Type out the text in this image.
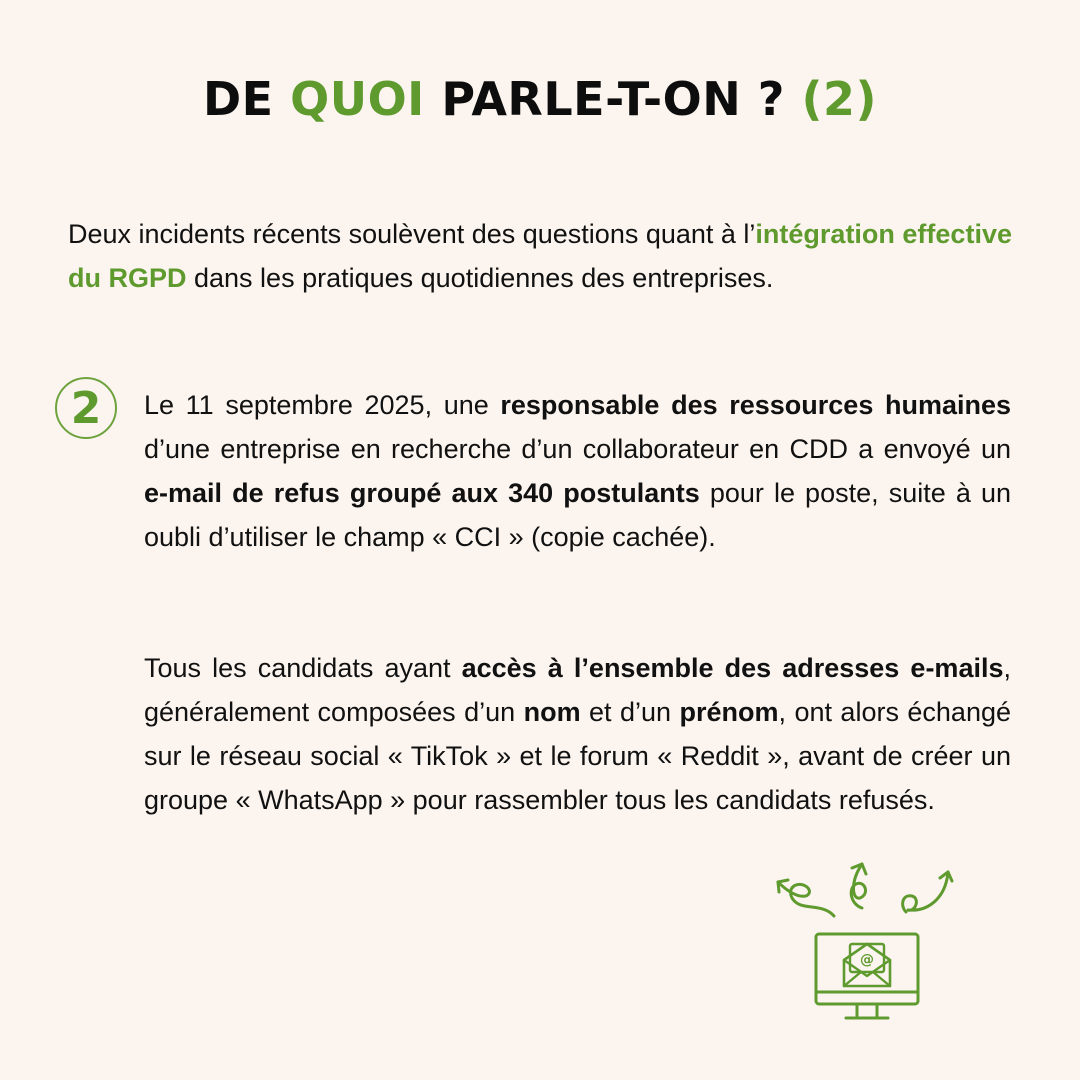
DE QUOI PARLE-T-ON ? (2)

Deux incidents récents soulèvent des questions quant à l’intégration effective du RGPD dans les pratiques quotidiennes des entreprises.

2	Le 11 septembre 2025, une responsable des ressources humaines d’une entreprise en recherche d’un collaborateur en CDD a envoyé un e-mail de refus groupé aux 340 postulants pour le poste, suite à un oubli d’utiliser le champ « CCI » (copie cachée).

Tous les candidats ayant accès à l’ensemble des adresses e-mails, généralement composées d’un nom et d’un prénom, ont alors échangé sur le réseau social « TikTok » et le forum « Reddit », avant de créer un groupe « WhatsApp » pour rassembler tous les candidats refusés.

@
